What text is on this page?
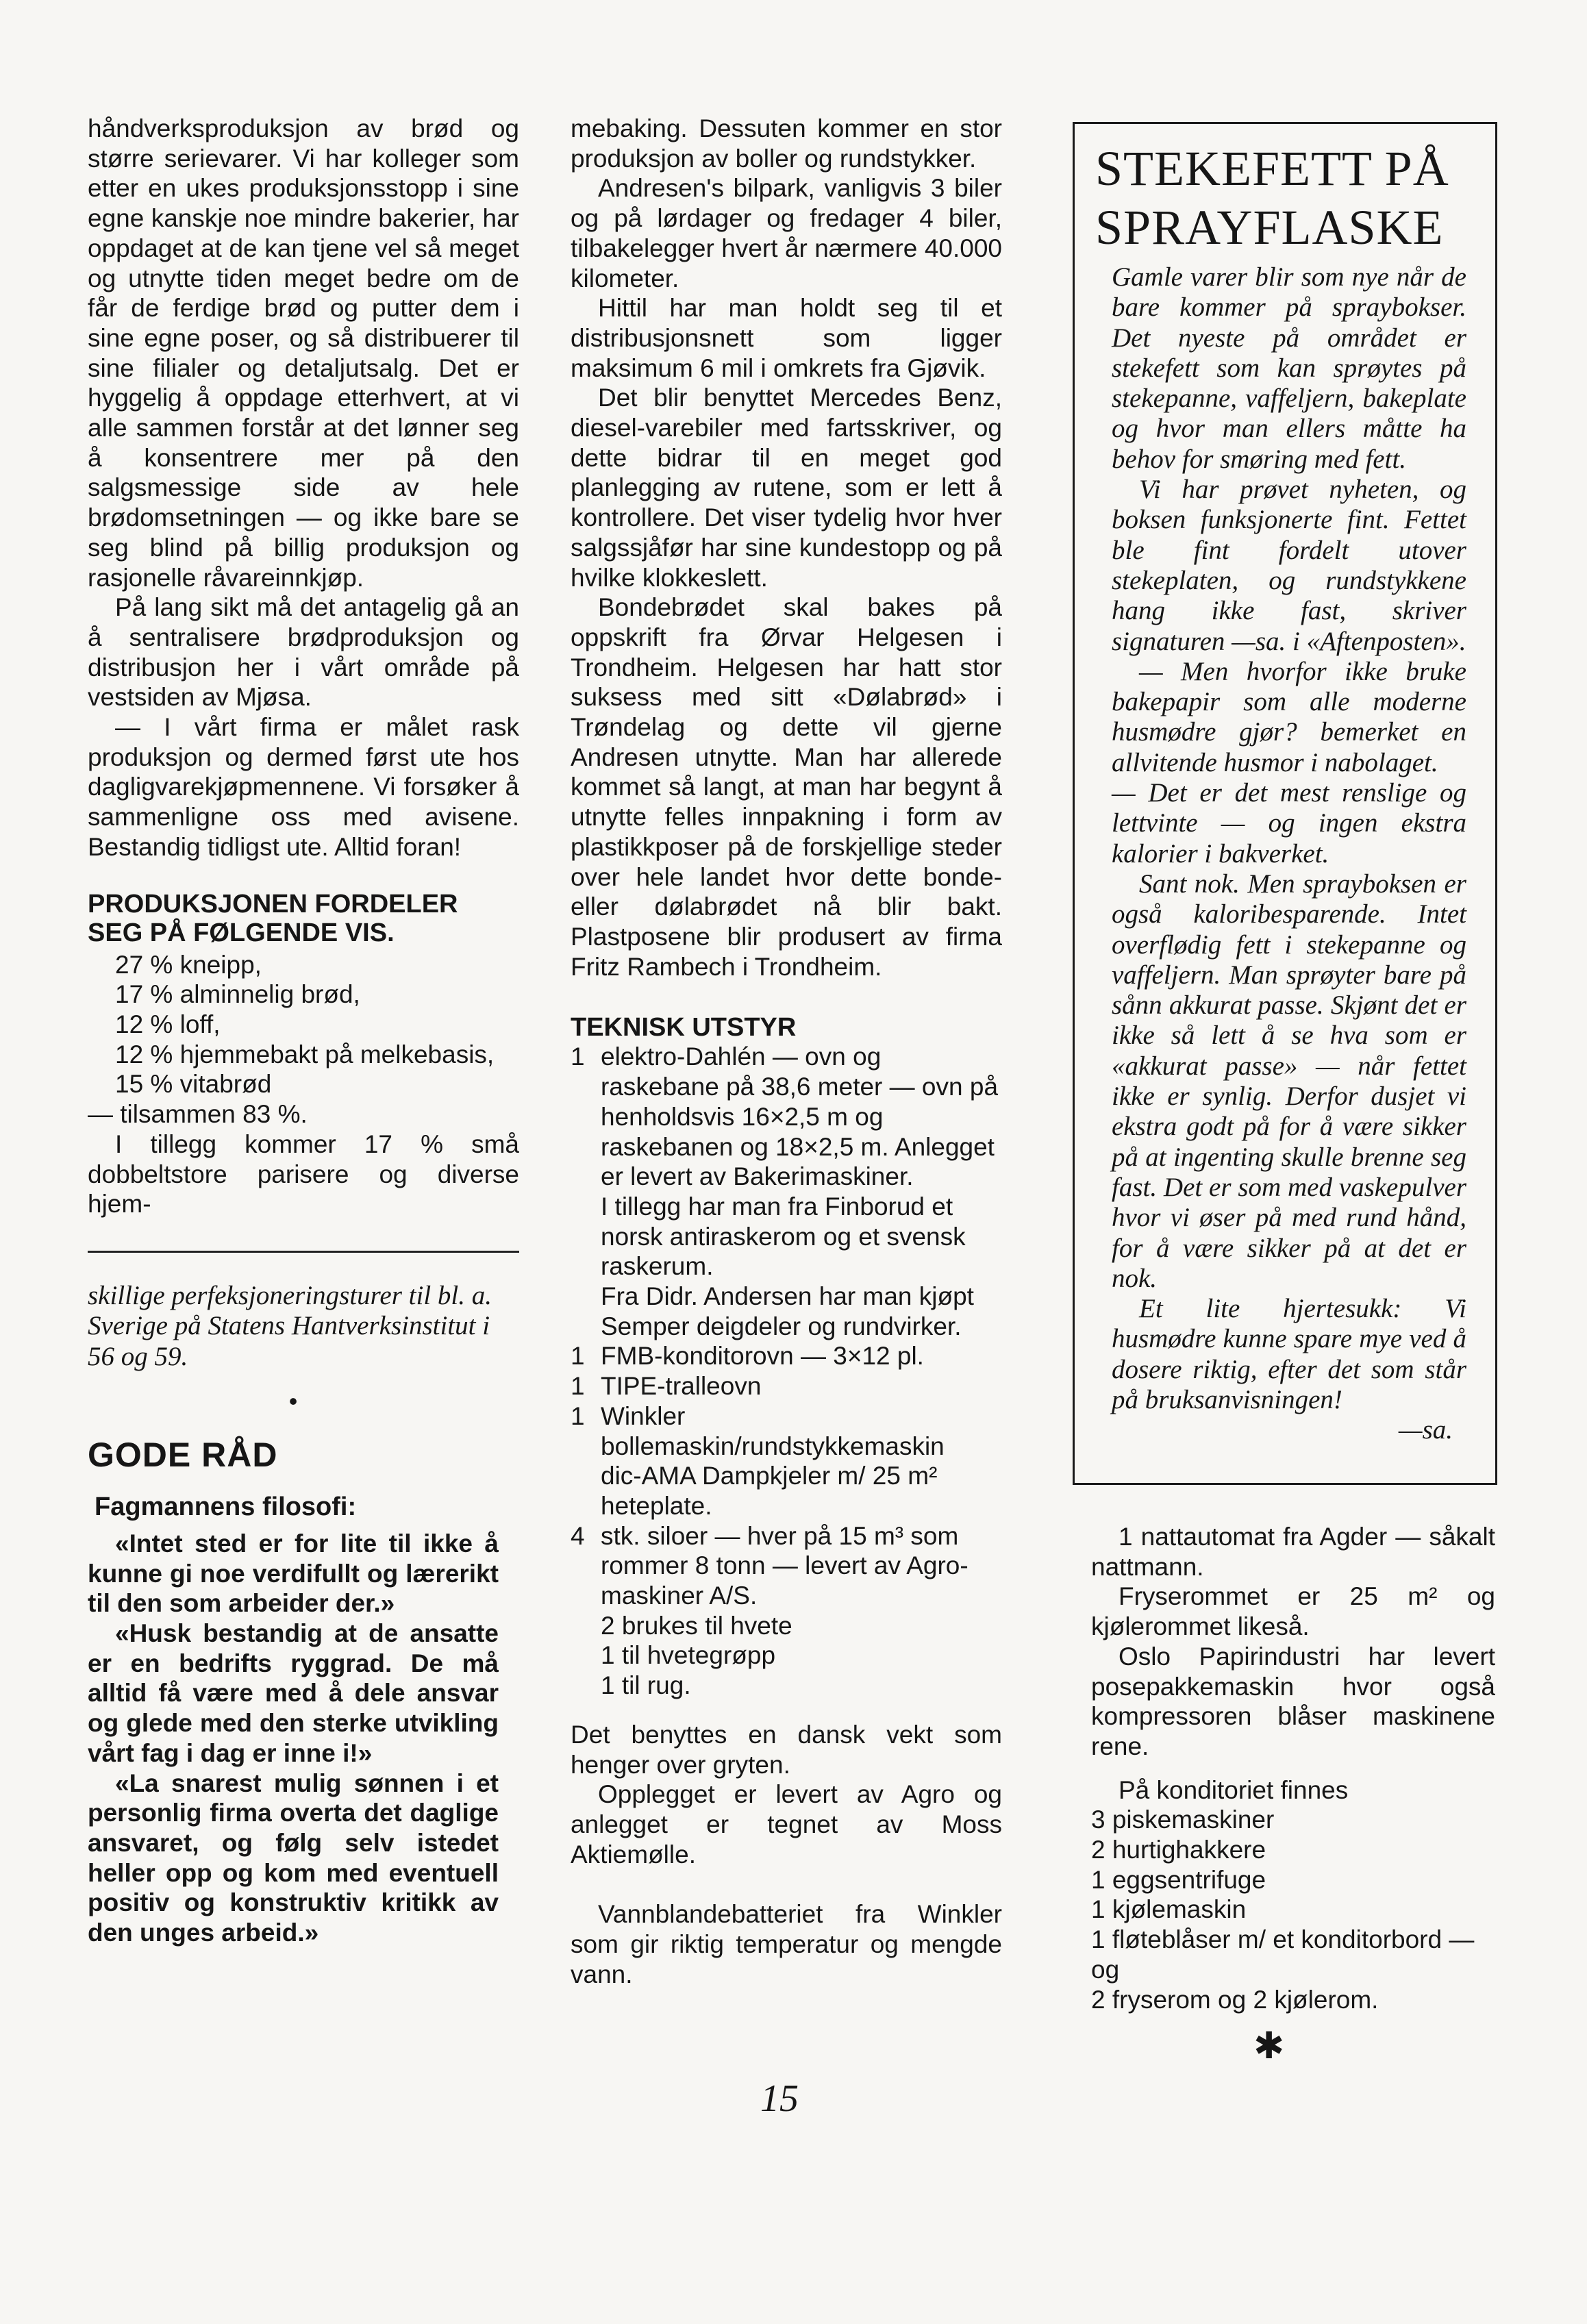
håndverksproduksjon av brød og større serievarer. Vi har kolleger som etter en ukes produksjonsstopp i sine egne kanskje noe mindre bakerier, har oppdaget at de kan tjene vel så meget og utnytte tiden meget bedre om de får de ferdige brød og putter dem i sine egne poser, og så distribuerer til sine filialer og detaljutsalg. Det er hyggelig å oppdage etterhvert, at vi alle sammen forstår at det lønner seg å konsentrere mer på den salgsmessige side av hele brødomsetningen — og ikke bare se seg blind på billig produksjon og rasjonelle råvareinnkjøp.

På lang sikt må det antagelig gå an å sentralisere brødproduksjon og distribusjon her i vårt område på vestsiden av Mjøsa.

— I vårt firma er målet rask produksjon og dermed først ute hos dagligvarekjøpmennene. Vi forsøker å sammenligne oss med avisene. Bestandig tidligst ute. Alltid foran!

PRODUKSJONEN FORDELER SEG PÅ FØLGENDE VIS.
27 % kneipp,
17 % alminnelig brød,
12 % loff,
12 % hjemmebakt på melkebasis,
15 % vitabrød
— tilsammen 83 %.

I tillegg kommer 17 % små dobbeltstore parisere og diverse hjem-

skillige perfeksjoneringsturer til bl. a. Sverige på Statens Hantverksinstitut i 56 og 59.

•
GODE RÅD
Fagmannens filosofi:

«Intet sted er for lite til ikke å kunne gi noe verdifullt og lærerikt til den som arbeider der.»

«Husk bestandig at de ansatte er en bedrifts ryggrad. De må alltid få være med å dele ansvar og glede med den sterke utvikling vårt fag i dag er inne i!»

«La snarest mulig sønnen i et personlig firma overta det daglige ansvaret, og følg selv istedet heller opp og kom med eventuell positiv og konstruktiv kritikk av den unges arbeid.»

mebaking. Dessuten kommer en stor produksjon av boller og rundstykker.

Andresen's bilpark, vanligvis 3 biler og på lørdager og fredager 4 biler, tilbakelegger hvert år nærmere 40.000 kilometer.

Hittil har man holdt seg til et distribusjonsnett som ligger maksimum 6 mil i omkrets fra Gjøvik.

Det blir benyttet Mercedes Benz, diesel-varebiler med fartsskriver, og dette bidrar til en meget god planlegging av rutene, som er lett å kontrollere. Det viser tydelig hvor hver salgssjåfør har sine kundestopp og på hvilke klokkeslett.

Bondebrødet skal bakes på oppskrift fra Ørvar Helgesen i Trondheim. Helgesen har hatt stor suksess med sitt «Dølabrød» i Trøndelag og dette vil gjerne Andresen utnytte. Man har allerede kommet så langt, at man har begynt å utnytte felles innpakning i form av plastikkposer på de forskjellige steder over hele landet hvor dette bonde- eller dølabrødet nå blir bakt. Plastposene blir produsert av firma Fritz Rambech i Trondheim.

TEKNISK UTSTYR
1 elektro-Dahlén — ovn og raskebane på 38,6 meter — ovn på henholdsvis 16×2,5 m og raskebanen og 18×2,5 m. Anlegget er levert av Bakerimaskiner.
I tillegg har man fra Finborud et norsk antiraskerom og et svensk raskerum.
Fra Didr. Andersen har man kjøpt Semper deigdeler og rundvirker.
1 FMB-konditorovn — 3×12 pl.
1 TIPE-tralleovn
1 Winkler bollemaskin/rundstykkemaskin
dic-AMA Dampkjeler m/ 25 m² heteplate.
4 stk. siloer — hver på 15 m³ som rommer 8 tonn — levert av Agro-maskiner A/S.
2 brukes til hvete
1 til hvetegrøpp
1 til rug.

Det benyttes en dansk vekt som henger over gryten.

Opplegget er levert av Agro og anlegget er tegnet av Moss Aktiemølle.

Vannblandebatteriet fra Winkler som gir riktig temperatur og mengde vann.

STEKEFETT PÅ
SPRAYFLASKE

Gamle varer blir som nye når de bare kommer på spraybokser. Det nyeste på området er stekefett som kan sprøytes på stekepanne, vaffeljern, bakeplate og hvor man ellers måtte ha behov for smøring med fett.

Vi har prøvet nyheten, og boksen funksjonerte fint. Fettet ble fint fordelt utover stekeplaten, og rundstykkene hang ikke fast, skriver signaturen —sa. i «Aftenposten».

— Men hvorfor ikke bruke bakepapir som alle moderne husmødre gjør? bemerket en allvitende husmor i nabolaget.

— Det er det mest renslige og lettvinte — og ingen ekstra kalorier i bakverket.

Sant nok. Men sprayboksen er også kaloribesparende. Intet overflødig fett i stekepanne og vaffeljern. Man sprøyter bare på sånn akkurat passe. Skjønt det er ikke så lett å se hva som er «akkurat passe» — når fettet ikke er synlig. Derfor dusjet vi ekstra godt på for å være sikker på at ingenting skulle brenne seg fast. Det er som med vaskepulver hvor vi øser på med rund hånd, for å være sikker på at det er nok.

Et lite hjertesukk: Vi husmødre kunne spare mye ved å dosere riktig, efter det som står på bruksanvisningen!

—sa.

1 nattautomat fra Agder — såkalt nattmann.

Fryserommet er 25 m² og kjølerommet likeså.

Oslo Papirindustri har levert posepakkemaskin hvor også kompressoren blåser maskinene rene.

På konditoriet finnes

3 piskemaskiner
2 hurtighakkere
1 eggsentrifuge
1 kjølemaskin
1 fløteblåser m/ et konditorbord — og
2 fryserom og 2 kjølerom.
✱
15
